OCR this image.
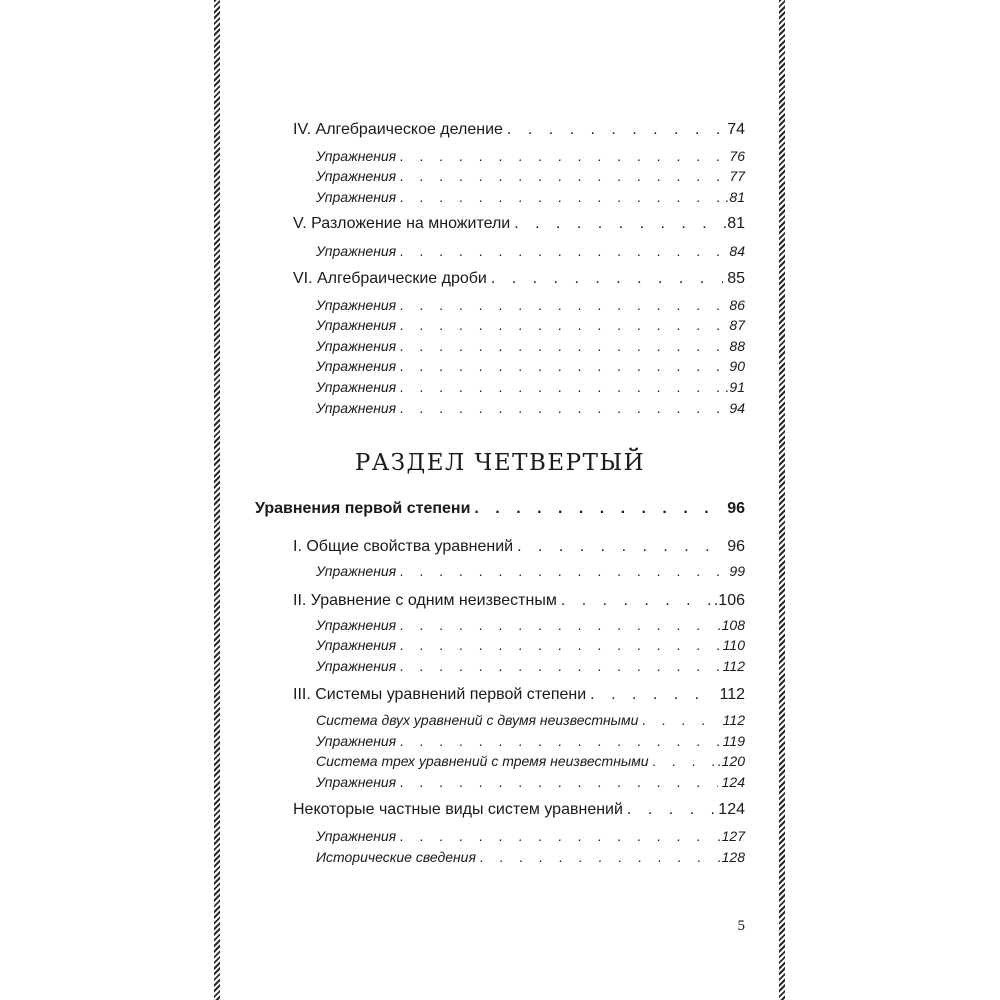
IV. Алгебраическое деление . . .	74
Упражнения . . .	76
Упражнения . . .	77
Упражнения . . .	.81
V. Разложение на множители . . .	.81
Упражнения . . .	84
VI. Алгебраические дроби . . .	85
Упражнения . . .	86
Упражнения . . .	87
Упражнения . . .	88
Упражнения . . .	90
Упражнения . . .	.91
Упражнения . . .	94
РАЗДЕЛ ЧЕТВЕРТЫЙ
Уравнения первой степени . . .	96
I. Общие свойства уравнений . . .	96
Упражнения . . .	99
II. Уравнение с одним неизвестным . . .	.106
Упражнения . . .	.108
Упражнения . . .	110
Упражнения . . .	112
III. Системы уравнений первой степени . . .	112
Система двух уравнений с двумя неизвестными . . .	112
Упражнения . . .	119
Система трех уравнений с тремя неизвестными . . .	.120
Упражнения . . .	124
Некоторые частные виды систем уравнений . . .	124
Упражнения . . .	.127
Исторические сведения . . .	.128
5
